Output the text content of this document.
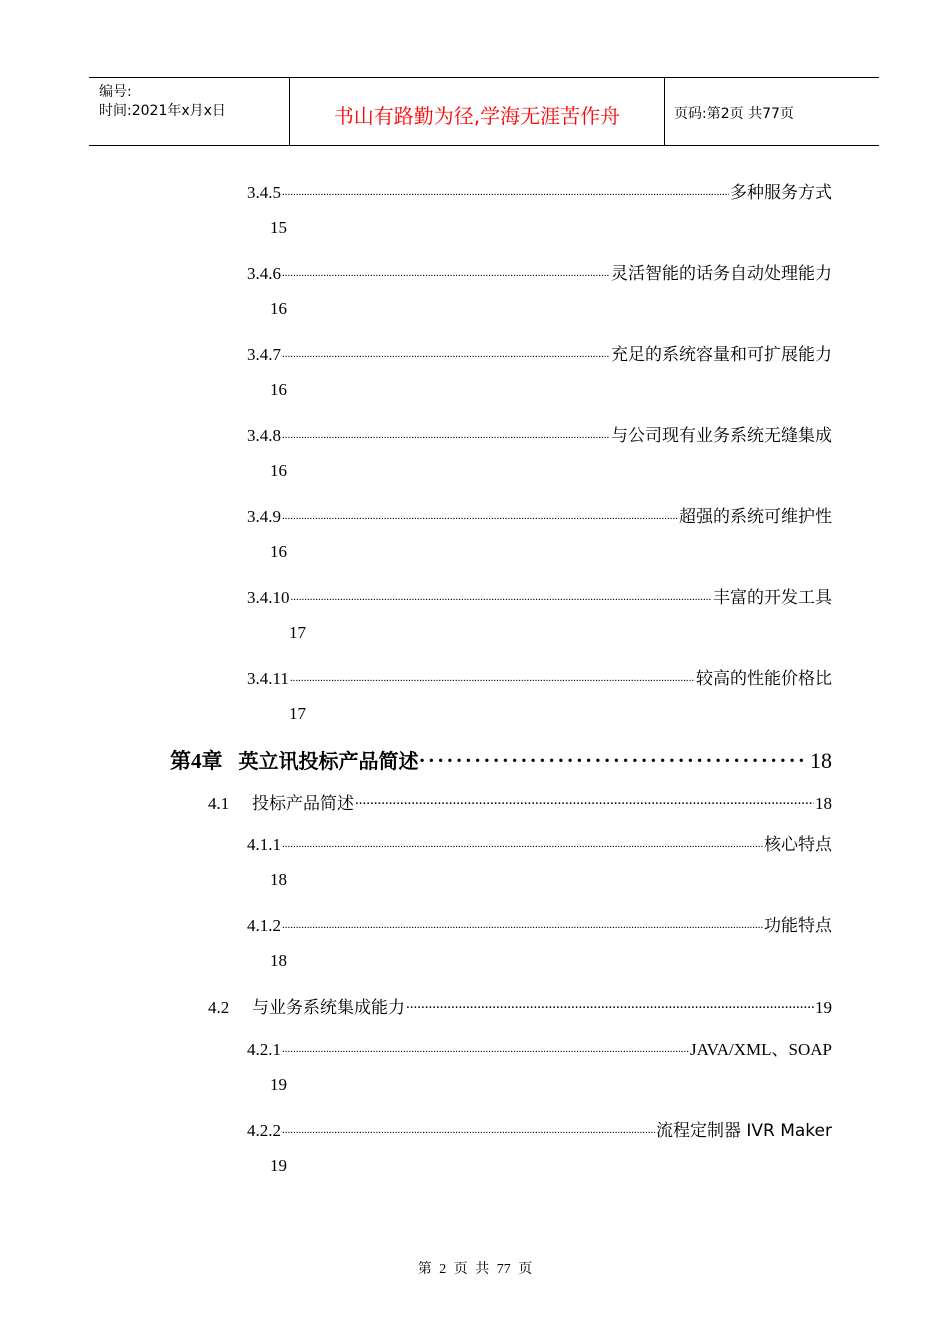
编号:
时间:2021年x月x日	书山有路勤为径,学海无涯苦作舟	页码:第2页 共77页
3.4.5 .....	多种服务方式
15
3.4.6 .....	灵活智能的话务自动处理能力
16
3.4.7 .....	充足的系统容量和可扩展能力
16
3.4.8 .....	与公司现有业务系统无缝集成
16
3.4.9 .....	超强的系统可维护性
16
3.4.10 .....	丰富的开发工具
17
3.4.11 .....	较高的性能价格比
17
第4章 英立讯投标产品简述 .....	18
4.1	投标产品简述 .....	18
4.1.1 .....	核心特点
18
4.1.2 .....	功能特点
18
4.2	与业务系统集成能力 .....	19
4.2.1 .....	JAVA/XML、SOAP
19
4.2.2 .....	流程定制器 IVR Maker
19
第 2 页 共 77 页
